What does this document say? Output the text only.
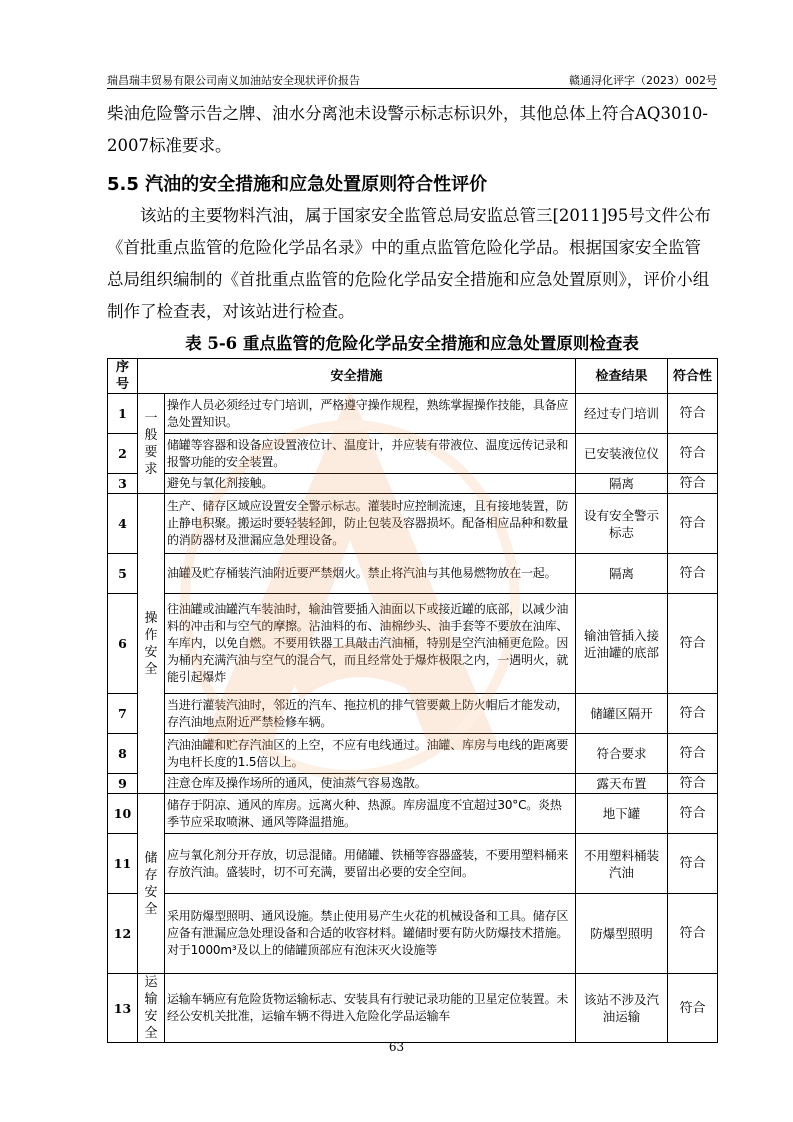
瑞昌瑞丰贸易有限公司南义加油站安全现状评价报告	赣通浔化评字（2023）002号

柴油危险警示告之牌、油水分离池未设警示标志标识外，其他总体上符合AQ3010-2007标准要求。

5.5 汽油的安全措施和应急处置原则符合性评价

该站的主要物料汽油，属于国家安全监管总局安监总管三[2011]95号文件公布《首批重点监管的危险化学品名录》中的重点监管危险化学品。根据国家安全监管总局组织编制的《首批重点监管的危险化学品安全措施和应急处置原则》，评价小组制作了检查表，对该站进行检查。

表 5-6 重点监管的危险化学品安全措施和应急处置原则检查表

序号	安全措施		检查结果	符合性
1	一般要求	操作人员必须经过专门培训，严格遵守操作规程，熟练掌握操作技能，具备应急处置知识。	经过专门培训	符合
2		储罐等容器和设备应设置液位计、温度计，并应装有带液位、温度远传记录和报警功能的安全装置。	已安装液位仪	符合
3		避免与氧化剂接触。	隔离	符合
4	操作安全	生产、储存区域应设置安全警示标志。灌装时应控制流速，且有接地装置，防止静电积聚。搬运时要轻装轻卸，防止包装及容器损坏。配备相应品种和数量的消防器材及泄漏应急处理设备。	设有安全警示标志	符合
5		油罐及贮存桶装汽油附近要严禁烟火。禁止将汽油与其他易燃物放在一起。	隔离	符合
6		往油罐或油罐汽车装油时，输油管要插入油面以下或接近罐的底部，以减少油料的冲击和与空气的摩擦。沾油料的布、油棉纱头、油手套等不要放在油库、车库内，以免自燃。不要用铁器工具敲击汽油桶，特别是空汽油桶更危险。因为桶内充满汽油与空气的混合气，而且经常处于爆炸极限之内，一遇明火，就能引起爆炸	输油管插入接近油罐的底部	符合
7		当进行灌装汽油时，邻近的汽车、拖拉机的排气管要戴上防火帽后才能发动，存汽油地点附近严禁检修车辆。	储罐区隔开	符合
8		汽油油罐和贮存汽油区的上空，不应有电线通过。油罐、库房与电线的距离要为电杆长度的1.5倍以上。	符合要求	符合
9		注意仓库及操作场所的通风，使油蒸气容易逸散。	露天布置	符合
10	储存安全	储存于阴凉、通风的库房。远离火种、热源。库房温度不宜超过30°C。炎热季节应采取喷淋、通风等降温措施。	地下罐	符合
11		应与氧化剂分开存放，切忌混储。用储罐、铁桶等容器盛装，不要用塑料桶来存放汽油。盛装时，切不可充满，要留出必要的安全空间。	不用塑料桶装汽油	符合
12		采用防爆型照明、通风设施。禁止使用易产生火花的机械设备和工具。储存区应备有泄漏应急处理设备和合适的收容材料。罐储时要有防火防爆技术措施。对于1000m³及以上的储罐顶部应有泡沫灭火设施等	防爆型照明	符合
13	运输安全	运输车辆应有危险货物运输标志、安装具有行驶记录功能的卫星定位装置。未经公安机关批准，运输车辆不得进入危险化学品运输车	该站不涉及汽油运输	符合
63
